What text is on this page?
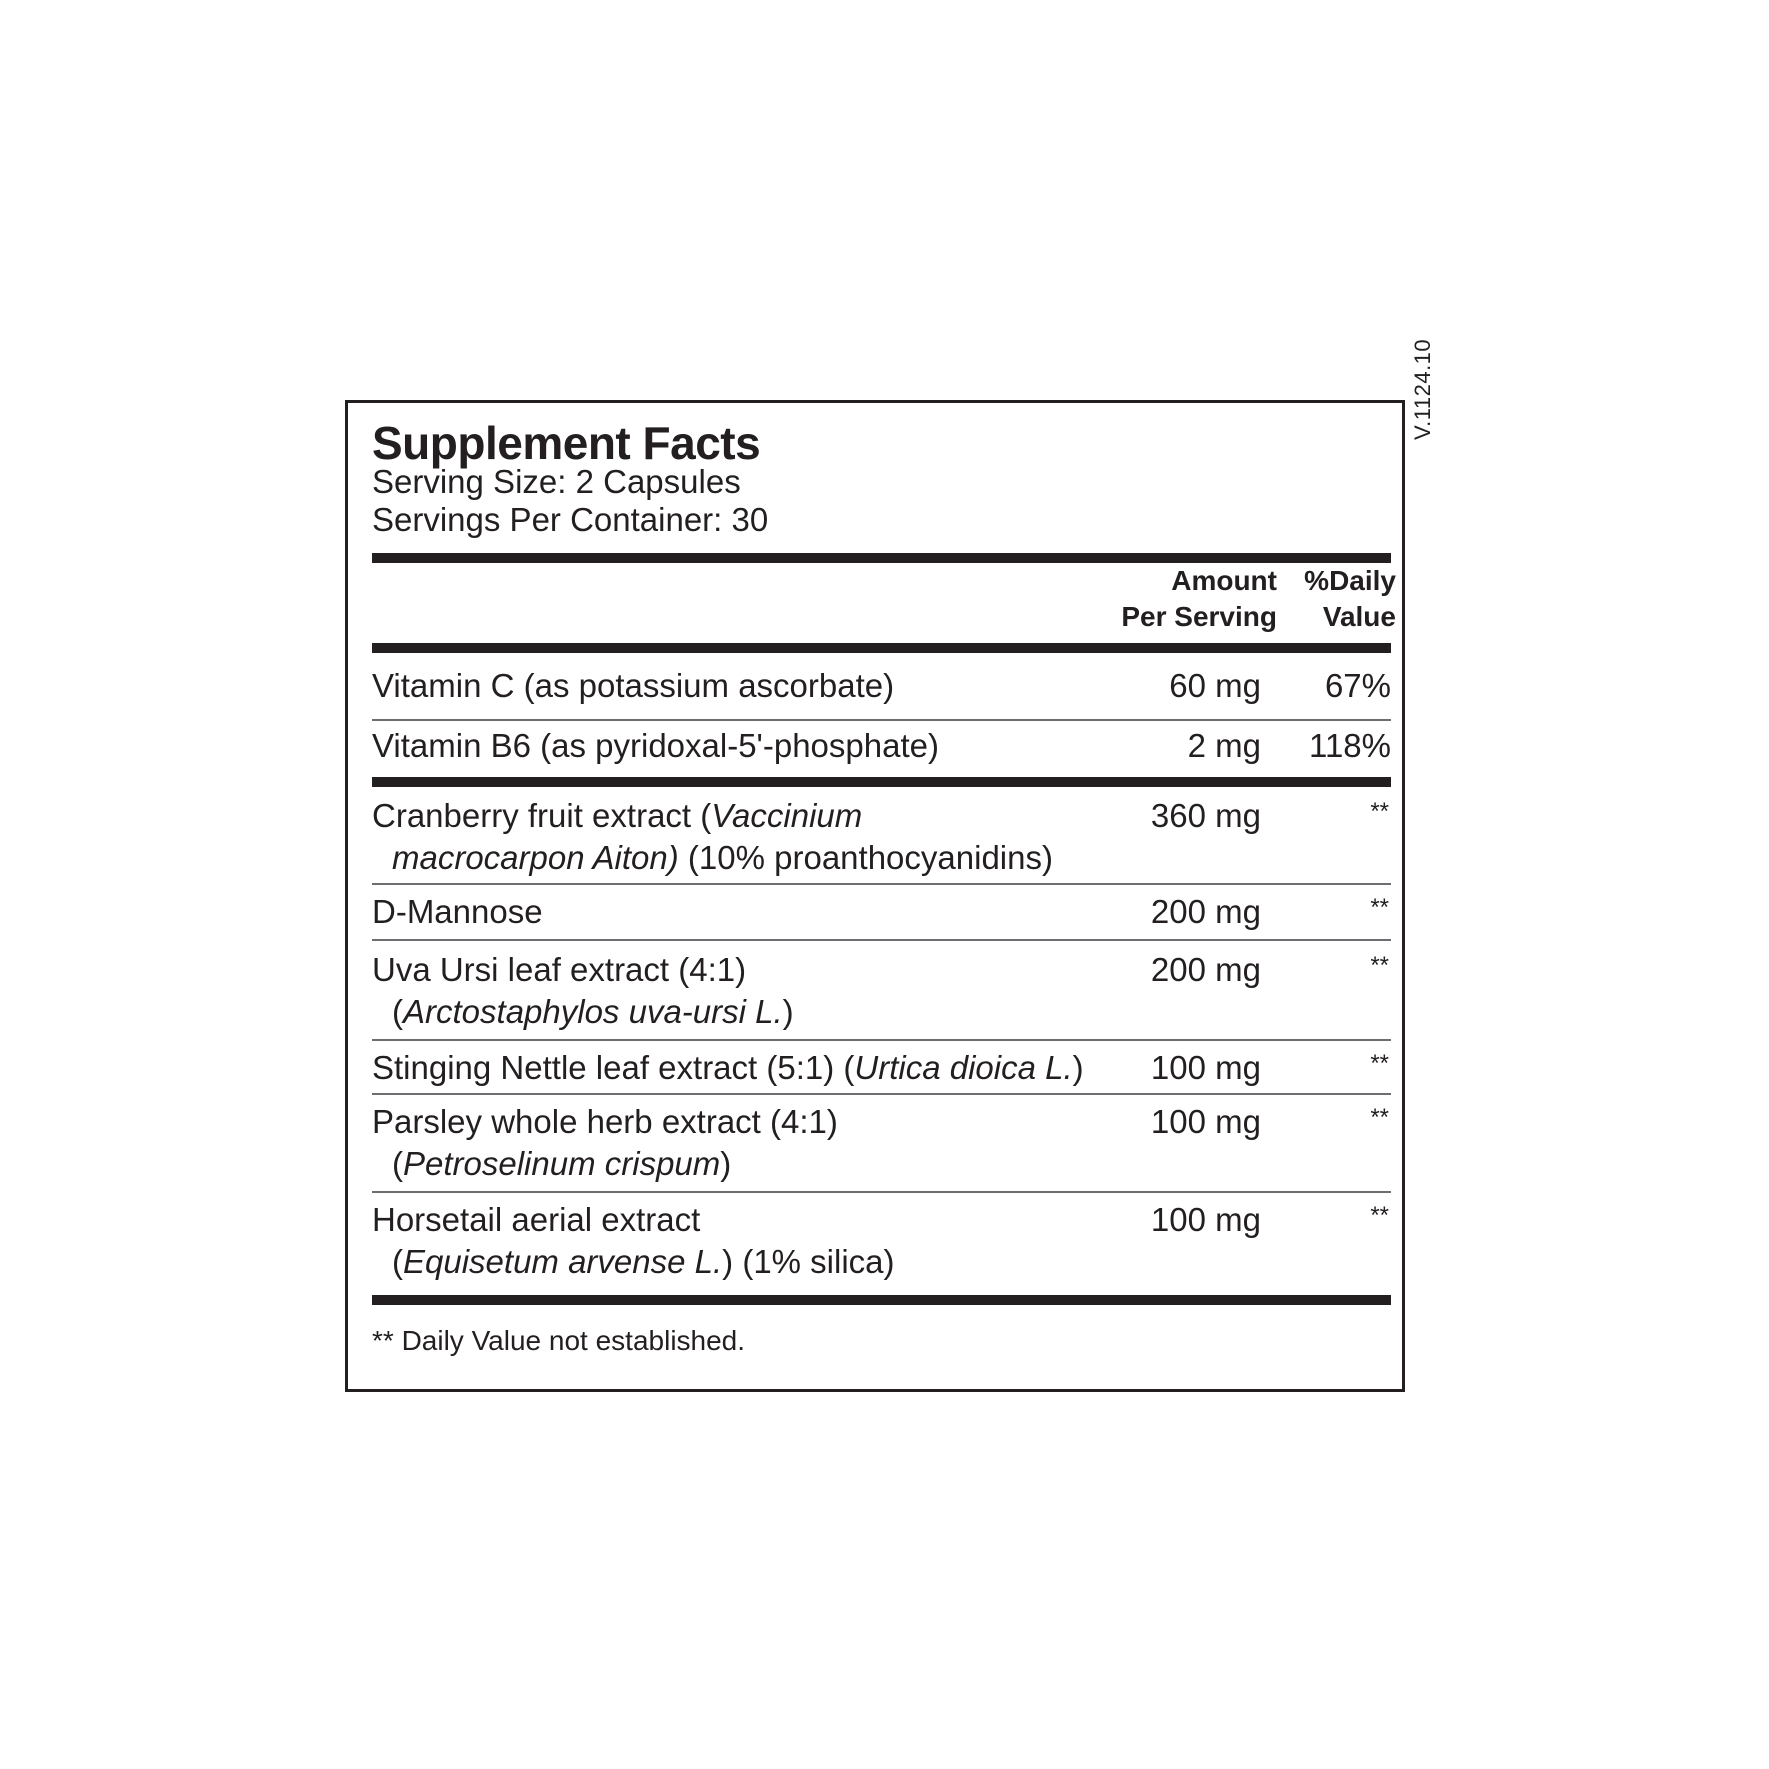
Supplement Facts
Serving Size: 2 Capsules
Servings Per Container: 30
Amount
Per Serving
%Daily
Value
Vitamin C (as potassium ascorbate)	60 mg 67%
Vitamin B6 (as pyridoxal-5'-phosphate)	2 mg 118%
Cranberry fruit extract (Vaccinium
macrocarpon Aiton) (10% proanthocyanidins)
360 mg	**
D-Mannose	200 mg	**
Uva Ursi leaf extract (4:1)
(Arctostaphylos uva-ursi L.)
200 mg	**
Stinging Nettle leaf extract (5:1) (Urtica dioica L.)	100 mg	**
Parsley whole herb extract (4:1)
(Petroselinum crispum)
100 mg	**
Horsetail aerial extract
(Equisetum arvense L.) (1% silica)
100 mg	**
** Daily Value not established.
V.1124.10
